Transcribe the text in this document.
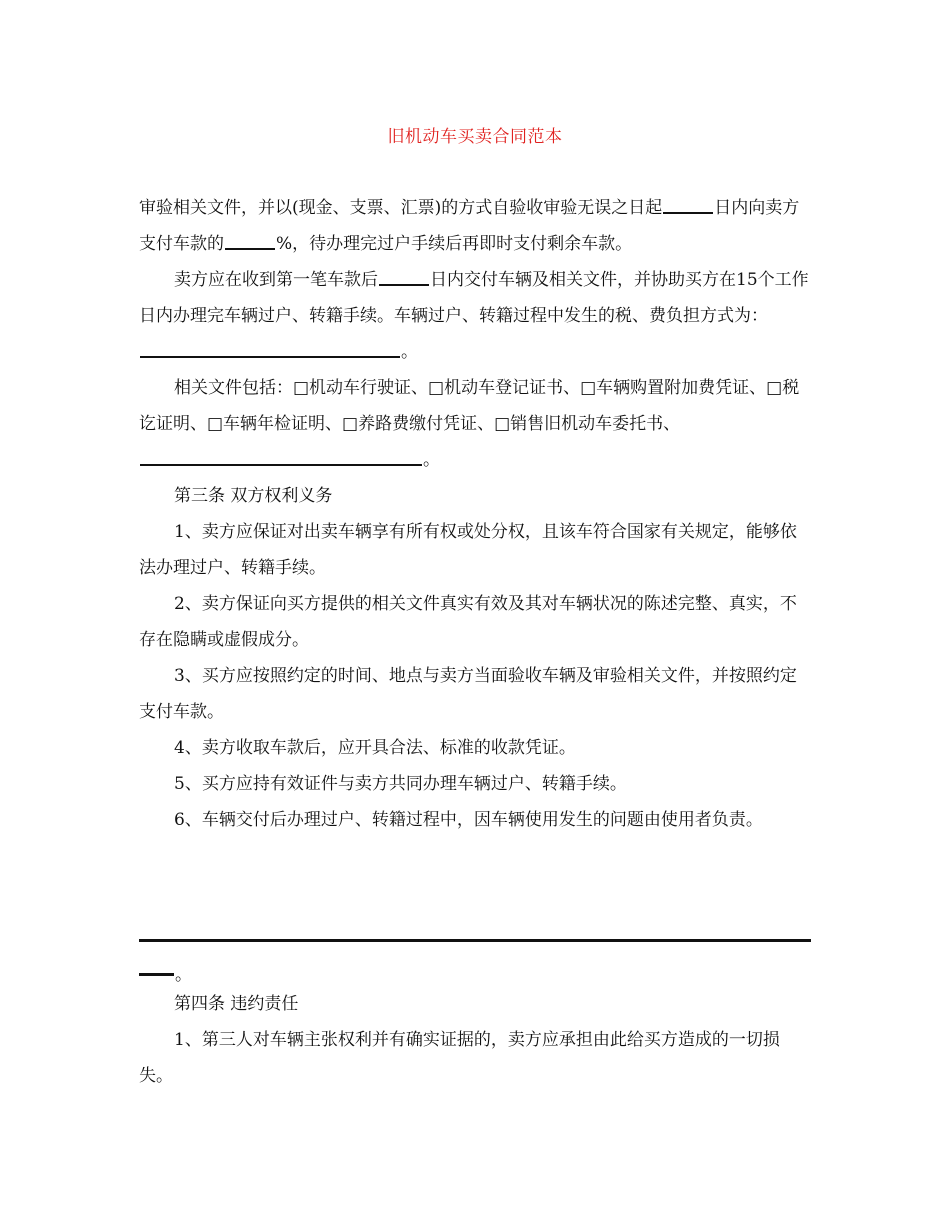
旧机动车买卖合同范本

审验相关文件，并以(现金、支票、汇票)的方式自验收审验无误之日起	日内向卖方支付车款的	%，待办理完过户手续后再即时支付剩余车款。

卖方应在收到第一笔车款后	日内交付车辆及相关文件，并协助买方在15个工作日内办理完车辆过户、转籍手续。车辆过户、转籍过程中发生的税、费负担方式为：。

相关文件包括：□机动车行驶证、□机动车登记证书、□车辆购置附加费凭证、□税讫证明、□车辆年检证明、□养路费缴付凭证、□销售旧机动车委托书、。

第三条 双方权利义务

1、卖方应保证对出卖车辆享有所有权或处分权，且该车符合国家有关规定，能够依法办理过户、转籍手续。

2、卖方保证向买方提供的相关文件真实有效及其对车辆状况的陈述完整、真实，不存在隐瞒或虚假成分。

3、买方应按照约定的时间、地点与卖方当面验收车辆及审验相关文件，并按照约定支付车款。

4、卖方收取车款后，应开具合法、标准的收款凭证。

5、买方应持有效证件与卖方共同办理车辆过户、转籍手续。

6、车辆交付后办理过户、转籍过程中，因车辆使用发生的问题由使用者负责。

。

第四条 违约责任

1、第三人对车辆主张权利并有确实证据的，卖方应承担由此给买方造成的一切损失。
